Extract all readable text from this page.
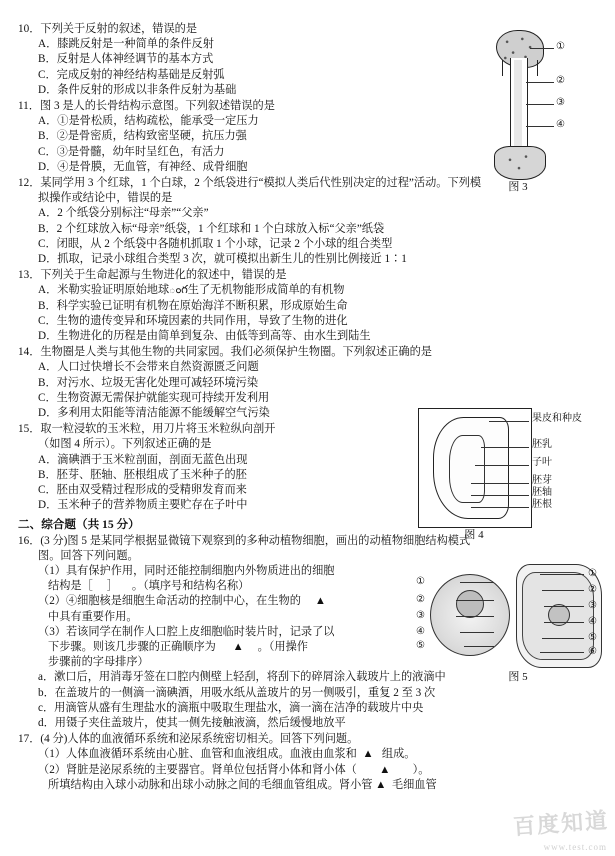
10．下列关于反射的叙述，错误的是
A．膝跳反射是一种简单的条件反射
B．反射是人体神经调节的基本方式
C．完成反射的神经结构基础是反射弧
D．条件反射的形成以非条件反射为基础
11．图 3 是人的长骨结构示意图。下列叙述错误的是
A．①是骨松质，结构疏松，能承受一定压力
B．②是骨密质，结构致密坚硬，抗压力强
C．③是骨髓，幼年时呈红色，有活力
D．④是骨膜，无血管，有神经、成骨细胞
12．某同学用 3 个红球，1 个白球，2 个纸袋进行“模拟人类后代性别决定的过程”活动。下列模
拟操作或结论中，错误的是
A．2 个纸袋分别标注“母亲”“父亲”
B．2 个红球放入标“母亲”纸袋，1 个红球和 1 个白球放入标“父亲”纸袋
C．闭眼，从 2 个纸袋中各随机抓取 1 个小球，记录 2 个小球的组合类型
D．抓取，记录小球组合类型 3 次，就可模拟出新生儿的性别比例接近 1∶1
13．下列关于生命起源与生物进化的叙述中，错误的是
A．米勒实验证明原始地球ంగ生了无机物能形成简单的有机物
B．科学实验已证明有机物在原始海洋不断积累，形成原始生命
C．生物的遗传变异和环境因素的共同作用，导致了生物的进化
D．生物进化的历程是由简单到复杂、由低等到高等、由水生到陆生
14．生物圈是人类与其他生物的共同家园。我们必须保护生物圈。下列叙述正确的是
A．人口过快增长不会带来自然资源匮乏问题
B．对污水、垃圾无害化处理可减轻环境污染
C．生物资源无需保护就能实现可持续开发利用
D．多利用太阳能等清洁能源不能缓解空气污染
15．取一粒浸软的玉米粒，用刀片将玉米粒纵向剖开
（如图 4 所示）。下列叙述正确的是
A．滴碘酒于玉米粒剖面，剖面无蓝色出现
B．胚芽、胚轴、胚根组成了玉米种子的胚
C．胚由双受精过程形成的受精卵发育而来
D．玉米种子的营养物质主要贮存在子叶中
二、综合题（共 15 分）
16．(3 分)图 5 是某同学根据显微镜下观察到的多种动植物细胞，画出的动植物细胞结构模式
图。回答下列问题。
（1）具有保护作用，同时还能控制细胞内外物质进出的细胞
结构是［     ］     。（填序号和结构名称）
（2）④细胞核是细胞生命活动的控制中心，在生物的     ▲
中具有重要作用。
（3）若该同学在制作人口腔上皮细胞临时装片时，记录了以
下步骤。则该几步骤的正确顺序为      ▲     。（用操作
步骤前的字母排序）
a．漱口后，用消毒牙签在口腔内侧壁上轻刮，将刮下的碎屑涂入载玻片上的液滴中
b．在盖玻片的一侧滴一滴碘酒，用吸水纸从盖玻片的另一侧吸引，重复 2 至 3 次
c．用滴管从盛有生理盐水的滴瓶中吸取生理盐水，滴一滴在洁净的载玻片中央
d．用镊子夹住盖玻片，使其一侧先接触液滴，然后缓慢地放平
17．(4 分)人体的血液循环系统和泌尿系统密切相关。回答下列问题。
（1）人体血液循环系统由心脏、血管和血液组成。血液由血浆和  ▲   组成。
（2）肾脏是泌尿系统的主要器官。肾单位包括肾小体和肾小体（        ▲        ）。
所填结构由入球小动脉和出球小动脉之间的毛细血管组成。肾小管 ▲  毛细血管
①
②
③
④
图 3
果皮和种皮
胚乳
子叶
胚芽
胚轴
胚根
图 4
①
②
③
④
⑤
①
②
③
④
⑤
⑥
图 5
百度知道
www.test.com
